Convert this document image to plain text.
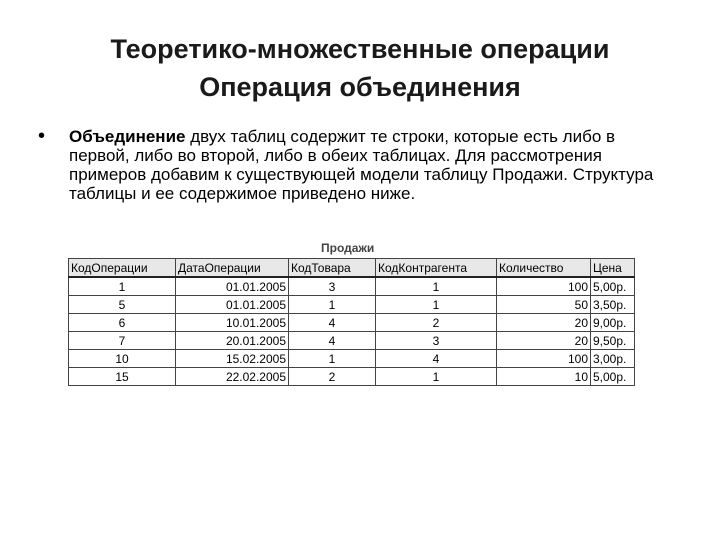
Теоретико-множественные операции
Операция объединения
• Объединение двух таблиц содержит те строки, которые есть либо в первой, либо во второй, либо в обеих таблицах. Для рассмотрения примеров добавим к существующей модели таблицу Продажи. Структура таблицы и ее содержимое приведено ниже.
Продажи
КодОперации	ДатаОперации	КодТовара	КодКонтрагента	Количество	Цена
1	01.01.2005	3	1	100	5,00р.
5	01.01.2005	1	1	50	3,50р.
6	10.01.2005	4	2	20	9,00р.
7	20.01.2005	4	3	20	9,50р.
10	15.02.2005	1	4	100	3,00р.
15	22.02.2005	2	1	10	5,00р.
